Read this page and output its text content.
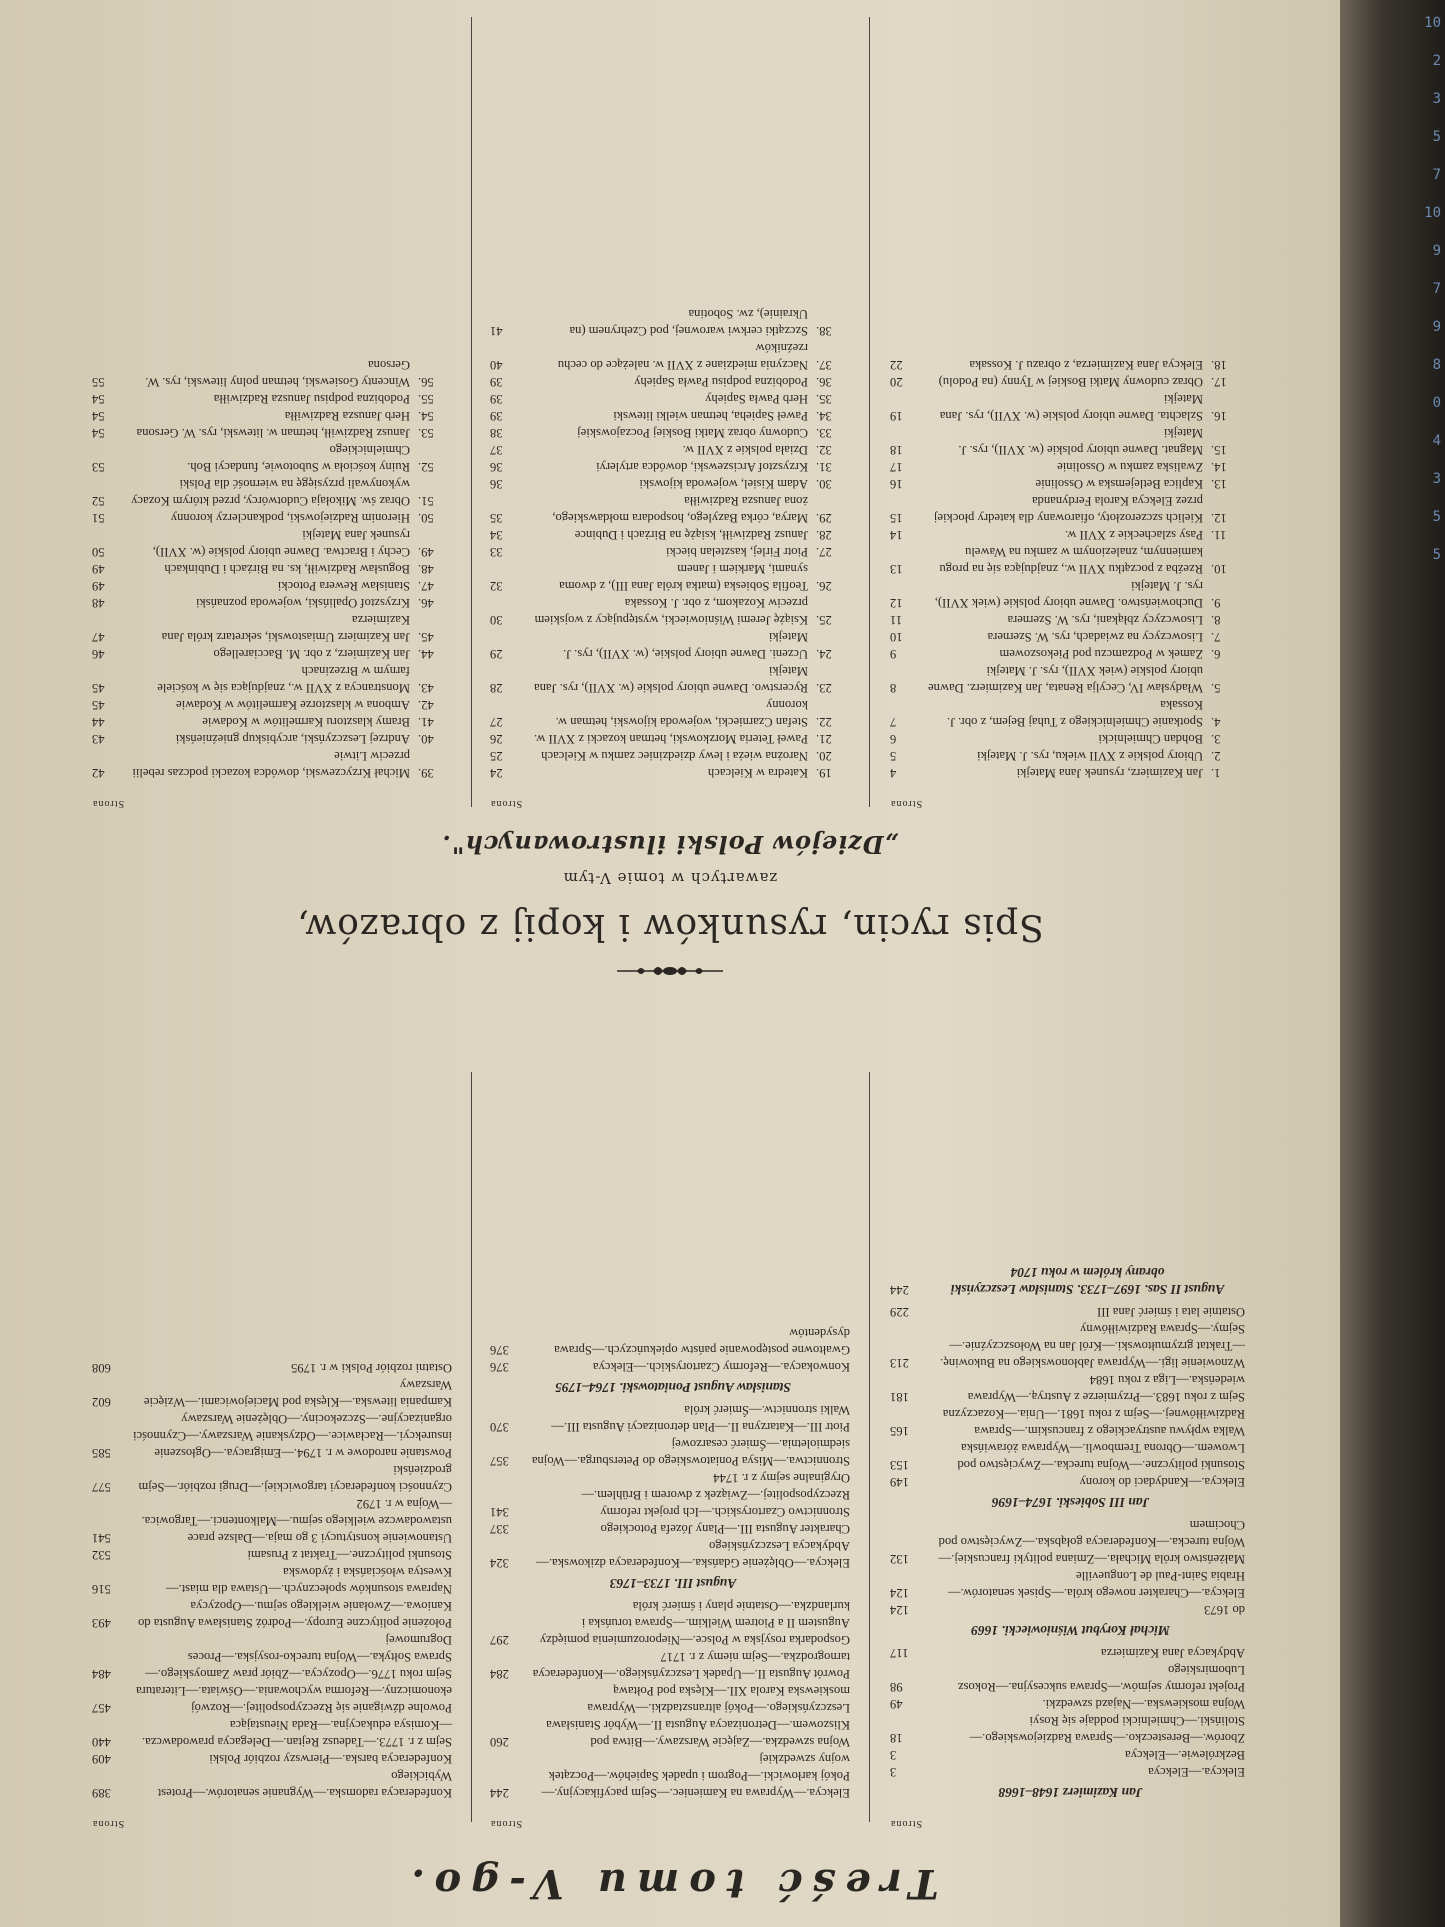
10
2
3
5
7
10
9
7
9
8
0
4
3
5
5
Treść tomu V-go.
Strona
Jan Kazimierz 1648–1668
Elekcya.—Elekcya
3
Bezkrólewie.—Elekcya
3
Zborów.—Beresteczko.—Sprawa Radziejowskiego.—Stoliński.—Chmielnicki poddaje się Rosyi
18
Wojna moskiewska.—Najazd szwedzki.
49
Projekt reformy sejmów.—Sprawa sukcesyjna.—Rokosz Lubomirskiego
98
Abdykacya Jana Kazimierza
117
Michał Korybut Wiśniowiecki. 1669
do 1673
124
Elekcya.—Charakter nowego króla.—Spisek senatorów.—Hrabia Saint-Paul de Longueville
124
Małżeństwo króla Michała.—Zmiana polityki francuskiej.—Wojna turecka.—Konfederacya gołąbska.—Zwycięstwo pod Chocimem
132
Jan III Sobieski. 1674–1696
Elekcya.—Kandydaci do korony
149
Stosunki polityczne.—Wojna turecka.—Zwycięstwo pod Lwowem.—Obrona Trembowli.—Wyprawa żórawińska
153
Walka wpływu austryackiego z francuskim.—Sprawa Radziwiłłównej.—Sejm z roku 1681.—Unia.—Kozaczyzna
165
Sejm z roku 1683.—Przymierze z Austryą.—Wyprawa wiedeńska.—Liga z roku 1684
181
Wznowienie ligi.—Wyprawa Jabłonowskiego na Bukowinę.—Traktat grzymułtowski.—Król Jan na Wołoszczyźnie.—Sejmy.—Sprawa Radziwiłłówny
213
Ostatnie lata i śmierć Jana III
229
August II Sas. 1697–1733. Stanisław Leszczyński obrany królem w roku 1704
244
Strona
Elekcya.—Wyprawa na Kamieniec.—Sejm pacyfikacyjny.—Pokój karłowicki.—Pogrom i upadek Sapiehów.—Początek wojny szwedzkiej
244
Wojna szwedzka.—Zajęcie Warszawy.—Bitwa pod Kliszowem.—Detronizacya Augusta II.—Wybór Stanisława Leszczyńskiego.—Pokój altransztadzki.—Wyprawa moskiewska Karola XII.—Klęska pod Połtawą
260
Powrót Augusta II.—Upadek Leszczyńskiego.—Konfederacya tarnogrodzka.—Sejm niemy z r. 1717
284
Gospodarka rosyjska w Polsce.—Nieporozumienia pomiędzy Augustem II a Piotrem Wielkim.—Sprawa toruńska i kurlandzka.—Ostatnie plany i śmierć króla
297
August III. 1733–1763
Elekcya.—Oblężenie Gdańska.—Konfederacya dzikowska.—Abdykacya Leszczyńskiego
324
Charakter Augusta III.—Plany Józefa Potockiego
337
Stronnictwo Czartoryskich.—Ich projekt reformy Rzeczypospolitej.—Związek z dworem i Brühlem.—Oryginalne sejmy z r. 1744
341
Stronnictwa.—Misya Poniatowskiego do Petersburga.—Wojna siedmioletnia.—Śmierć cesarzowej
357
Piotr III.—Katarzyna II.—Plan detronizacyi Augusta III.—Walki stronnictw.—Śmierć króla
370
Stanisław August Poniatowski. 1764–1795
Konwokacya.—Reformy Czartoryskich.—Elekcya
376
Gwałtowne postępowanie państw opiekuńczych.—Sprawa dysydentów
376
Strona
Konfederacya radomska.—Wygnanie senatorów.—Protest Wybickiego
389
Konfederacya barska.—Pierwszy rozbiór Polski
409
Sejm z r. 1773.—Tadeusz Rejtan.—Delegacya prawodawcza.—Komisya edukacyjna.—Rada Nieustająca
440
Powolne dźwiganie się Rzeczypospolitej.—Rozwój ekonomiczny.—Reforma wychowania.—Oświata.—Literatura
457
Sejm roku 1776.—Opozycya.—Zbiór praw Zamoyskiego.—Sprawa Sołtyka.—Wojna turecko-rosyjska.—Proces Dogrumowej
484
Położenie polityczne Europy.—Podróż Stanisława Augusta do Kaniowa.—Zwołanie wielkiego sejmu.—Opozycya
493
Naprawa stosunków społecznych.—Ustawa dla miast.—Kwestya włościańska i żydowska
516
Stosunki polityczne.—Traktat z Prusami
532
Ustanowienie konstytucyi 3 go maja.—Dalsze prace ustawodawcze wielkiego sejmu.—Malkontenci.—Targowica.—Wojna w r. 1792
541
Czynności konfederacyi targowickiej.—Drugi rozbiór.—Sejm grodzieński
577
Powstanie narodowe w r. 1794.—Emigracya.—Ogłoszenie insurekcyi.—Racławice.—Odzyskanie Warszawy.—Czynności organizacyjne.—Szczekociny.—Oblężenie Warszawy
585
Kampania litewska.—Klęska pod Maciejowicami.—Wzięcie Warszawy
602
Ostatni rozbiór Polski w r. 1795
608
Spis rycin, rysunków i kopij z obrazów,
zawartych w tomie V-tym
„Dziejów Polski ilustrowanych".
Strona
1.
Jan Kazimierz, rysunek Jana Matejki
4
2.
Ubiory polskie z XVII wieku, rys. J. Matejki
5
3.
Bohdan Chmielnicki
6
4.
Spotkanie Chmielnickiego z Tuhaj Bejem, z obr. J. Kossaka
7
5.
Władysław IV, Cecylja Renata, Jan Kazimierz. Dawne ubiory polskie (wiek XVII), rys. J. Matejki
8
6.
Zamek w Podzamczu pod Piekoszowem
9
7.
Lisowczycy na zwiadach, rys. W. Szernera
10
8.
Lisowczycy zbłąkani, rys. W. Szernera
11
9.
Duchowieństwo. Dawne ubiory polskie (wiek XVII), rys. J. Matejki
12
10.
Rzeźba z początku XVII w., znajdująca się na progu kamiennym, znalezionym w zamku na Wawelu
13
11.
Pasy szlacheckie z XVII w.
14
12.
Kielich szczerozłoty, ofiarowany dla katedry płockiej przez Elekcya Karola Ferdynanda
15
13.
Kaplica Betlejemska w Ossolinie
16
14.
Zwaliska zamku w Ossolinie
17
15.
Magnat. Dawne ubiory polskie (w. XVII), rys. J. Matejki
18
16.
Szlachta. Dawne ubiory polskie (w. XVII), rys. Jana Matejki
19
17.
Obraz cudowny Matki Boskiej w Tynny (na Podolu)
20
18.
Elekcya Jana Kazimierza, z obrazu J. Kossaka
22
Strona
19.
Katedra w Kielcach
24
20.
Narożna wieża i lewy dziedziniec zamku w Kielcach
25
21.
Paweł Teteria Morzkowski, hetman kozacki z XVII w.
26
22.
Stefan Czarniecki, wojewoda kijowski, hetman w. koronny
27
23.
Rycerstwo. Dawne ubiory polskie (w. XVII), rys. Jana Matejki
28
24.
Uczeni. Dawne ubiory polskie, (w. XVII), rys. J. Matejki
29
25.
Książę Jeremi Wiśniowiecki, występujący z wojskiem przeciw Kozakom, z obr. J. Kossaka
30
26.
Teofila Sobieska (matka króla Jana III), z dwoma synami, Markiem i Janem
32
27.
Piotr Firlej, kasztelan biecki
33
28.
Janusz Radziwiłł, książę na Birżach i Dubince
34
29.
Marya, córka Bazylego, hospodara mołdawskiego, żona Janusza Radziwiłła
35
30.
Adam Kisiel, wojewoda kijowski
36
31.
Krzysztof Arciszewski, dowódca artyleryi
36
32.
Działa polskie z XVII w.
37
33.
Cudowny obraz Matki Boskiej Poczajowskiej
38
34.
Paweł Sapieha, hetman wielki litewski
39
35.
Herb Pawła Sapiehy
39
36.
Podobizna podpisu Pawła Sapiehy
39
37.
Naczynia miedziane z XVII w. należące do cechu rzeźników
40
38.
Szczątki cerkwi warownej, pod Czehrynem (na Ukrainie), zw. Sobotina
41
Strona
39.
Michał Krzyczewski, dowódca kozacki podczas rebelii przeciw Litwie
42
40.
Andrzej Leszczyński, arcybiskup gnieźnieński
43
41.
Bramy klasztoru Karmelitów w Kodawie
44
42.
Ambona w klasztorze Karmelitów w Kodawie
45
43.
Monstrancya z XVII w., znajdująca się w kościele farnym w Brzezinach
45
44.
Jan Kazimierz, z obr. M. Bacciarellego
46
45.
Jan Kazimierz Umiastowski, sekretarz króla Jana Kazimierza
47
46.
Krzysztof Opaliński, wojewoda poznański
48
47.
Stanisław Rewera Potocki
49
48.
Bogusław Radziwiłł, ks. na Birżach i Dubinkach
49
49.
Cechy i Bractwa. Dawne ubiory polskie (w. XVII), rysunek Jana Matejki
50
50.
Hieronim Radziejowski, podkanclerzy koronny
51
51.
Obraz św. Mikołaja Cudotwórcy, przed którym Kozacy wykonywali przysięgę na wierność dla Polski
52
52.
Ruiny kościoła w Subotowie, fundacyi Boh. Chmielnickiego
53
53.
Janusz Radziwiłł, hetman w. litewski, rys. W. Gersona
54
54.
Herb Janusza Radziwiłła
54
55.
Podobizna podpisu Janusza Radziwiłła
54
56.
Wincenty Gosiewski, hetman polny litewski, rys. W. Gersona
55
